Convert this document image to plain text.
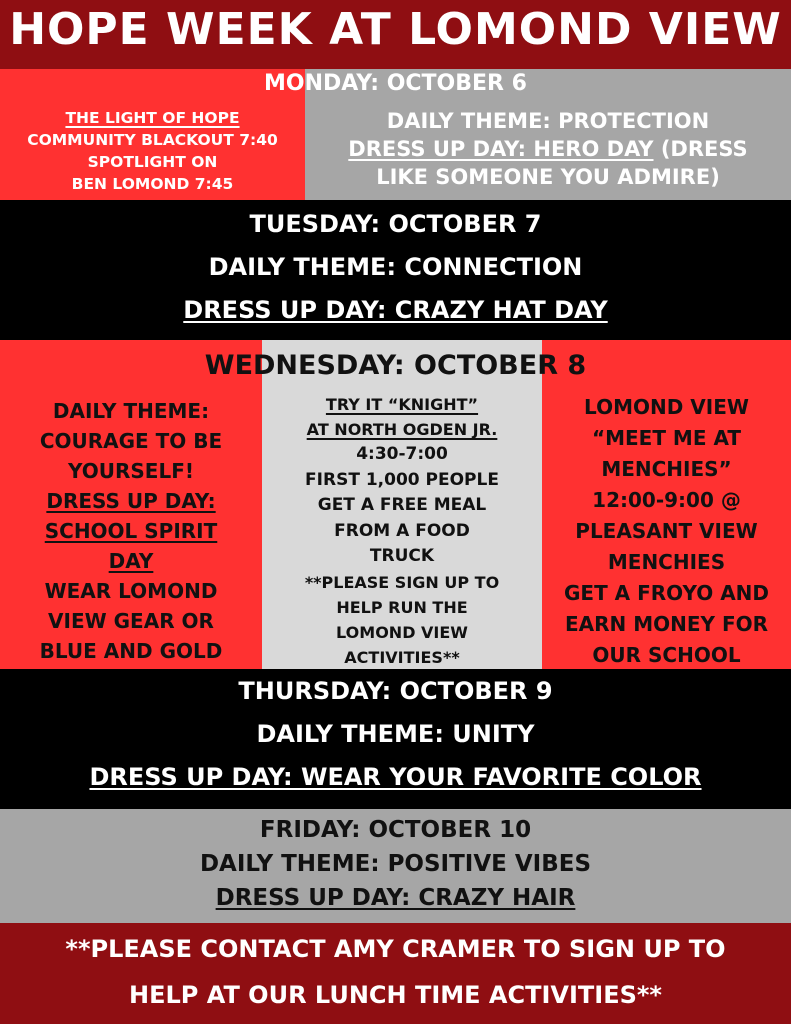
HOPE WEEK AT LOMOND VIEW
MONDAY: OCTOBER 6
THE LIGHT OF HOPE
COMMUNITY BLACKOUT 7:40
SPOTLIGHT ON
BEN LOMOND 7:45
DAILY THEME: PROTECTION
DRESS UP DAY: HERO DAY (DRESS
LIKE SOMEONE YOU ADMIRE)
TUESDAY: OCTOBER 7
DAILY THEME: CONNECTION
DRESS UP DAY: CRAZY HAT DAY
WEDNESDAY: OCTOBER 8
DAILY THEME:
COURAGE TO BE
YOURSELF!
DRESS UP DAY:
SCHOOL SPIRIT
DAY
WEAR LOMOND
VIEW GEAR OR
BLUE AND GOLD
TRY IT “KNIGHT”
AT NORTH OGDEN JR.
4:30-7:00
FIRST 1,000 PEOPLE
GET A FREE MEAL
FROM A FOOD
TRUCK
**PLEASE SIGN UP TO
HELP RUN THE
LOMOND VIEW
ACTIVITIES**
LOMOND VIEW
“MEET ME AT
MENCHIES”
12:00-9:00 @
PLEASANT VIEW
MENCHIES
GET A FROYO AND
EARN MONEY FOR
OUR SCHOOL
THURSDAY: OCTOBER 9
DAILY THEME: UNITY
DRESS UP DAY: WEAR YOUR FAVORITE COLOR
FRIDAY: OCTOBER 10
DAILY THEME: POSITIVE VIBES
DRESS UP DAY: CRAZY HAIR
**PLEASE CONTACT AMY CRAMER TO SIGN UP TO
HELP AT OUR LUNCH TIME ACTIVITIES**
